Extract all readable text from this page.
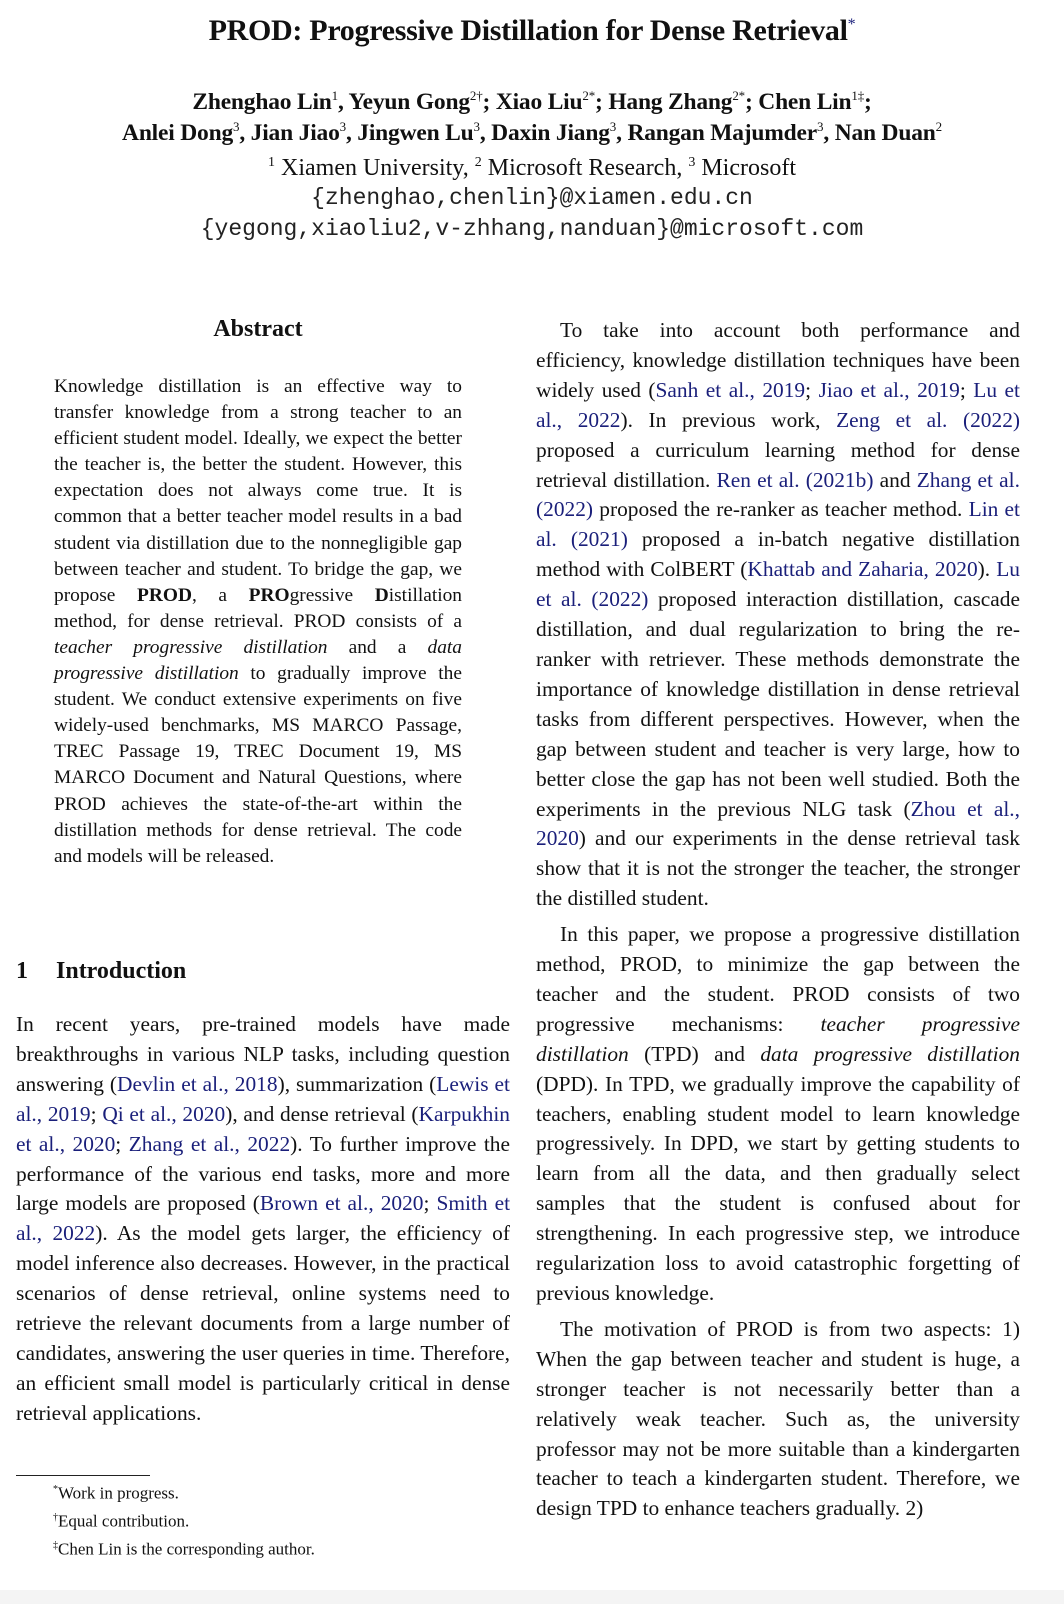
PROD: Progressive Distillation for Dense Retrieval*
Zhenghao Lin$^1$, Yeyun Gong$^{2\dagger}$; Xiao Liu$^{2*}$; Hang Zhang$^{2*}$; Chen Lin$^{1\ddagger}$;
Anlei Dong$^3$, Jian Jiao$^3$, Jingwen Lu$^3$, Daxin Jiang$^3$, Rangan Majumder$^3$, Nan Duan$^2$
$^1$ Xiamen University, $^2$ Microsoft Research, $^3$ Microsoft
{zhenghao,chenlin}@xiamen.edu.cn
{yegong,xiaoliu2,v-zhhang,nanduan}@microsoft.com
Abstract
Knowledge distillation is an effective way to transfer knowledge from a strong teacher to an efficient student model. Ideally, we expect the better the teacher is, the better the student. However, this expectation does not always come true. It is common that a better teacher model results in a bad student via distillation due to the nonnegligible gap between teacher and student. To bridge the gap, we propose PROD, a PROgressive Distillation method, for dense retrieval. PROD consists of a teacher progressive distillation and a data progressive distillation to gradually improve the student. We conduct extensive experiments on five widely-used benchmarks, MS MARCO Passage, TREC Passage 19, TREC Document 19, MS MARCO Document and Natural Questions, where PROD achieves the state-of-the-art within the distillation methods for dense retrieval. The code and models will be released.
1 Introduction

In recent years, pre-trained models have made breakthroughs in various NLP tasks, including question answering (Devlin et al., 2018), summarization (Lewis et al., 2019; Qi et al., 2020), and dense retrieval (Karpukhin et al., 2020; Zhang et al., 2022). To further improve the performance of the various end tasks, more and more large models are proposed (Brown et al., 2020; Smith et al., 2022). As the model gets larger, the efficiency of model inference also decreases. However, in the practical scenarios of dense retrieval, online systems need to retrieve the relevant documents from a large number of candidates, answering the user queries in time. Therefore, an efficient small model is particularly critical in dense retrieval applications.

*Work in progress.
†Equal contribution.
‡Chen Lin is the corresponding author.

To take into account both performance and efficiency, knowledge distillation techniques have been widely used (Sanh et al., 2019; Jiao et al., 2019; Lu et al., 2022). In previous work, Zeng et al. (2022) proposed a curriculum learning method for dense retrieval distillation. Ren et al. (2021b) and Zhang et al. (2022) proposed the re-ranker as teacher method. Lin et al. (2021) proposed a in-batch negative distillation method with ColBERT (Khattab and Zaharia, 2020). Lu et al. (2022) proposed interaction distillation, cascade distillation, and dual regularization to bring the re-ranker with retriever. These methods demonstrate the importance of knowledge distillation in dense retrieval tasks from different perspectives. However, when the gap between student and teacher is very large, how to better close the gap has not been well studied. Both the experiments in the previous NLG task (Zhou et al., 2020) and our experiments in the dense retrieval task show that it is not the stronger the teacher, the stronger the distilled student.

In this paper, we propose a progressive distillation method, PROD, to minimize the gap between the teacher and the student. PROD consists of two progressive mechanisms: teacher progressive distillation (TPD) and data progressive distillation (DPD). In TPD, we gradually improve the capability of teachers, enabling student model to learn knowledge progressively. In DPD, we start by getting students to learn from all the data, and then gradually select samples that the student is confused about for strengthening. In each progressive step, we introduce regularization loss to avoid catastrophic forgetting of previous knowledge.

The motivation of PROD is from two aspects: 1) When the gap between teacher and student is huge, a stronger teacher is not necessarily better than a relatively weak teacher. Such as, the university professor may not be more suitable than a kindergarten teacher to teach a kindergarten student. Therefore, we design TPD to enhance teachers gradually. 2)
